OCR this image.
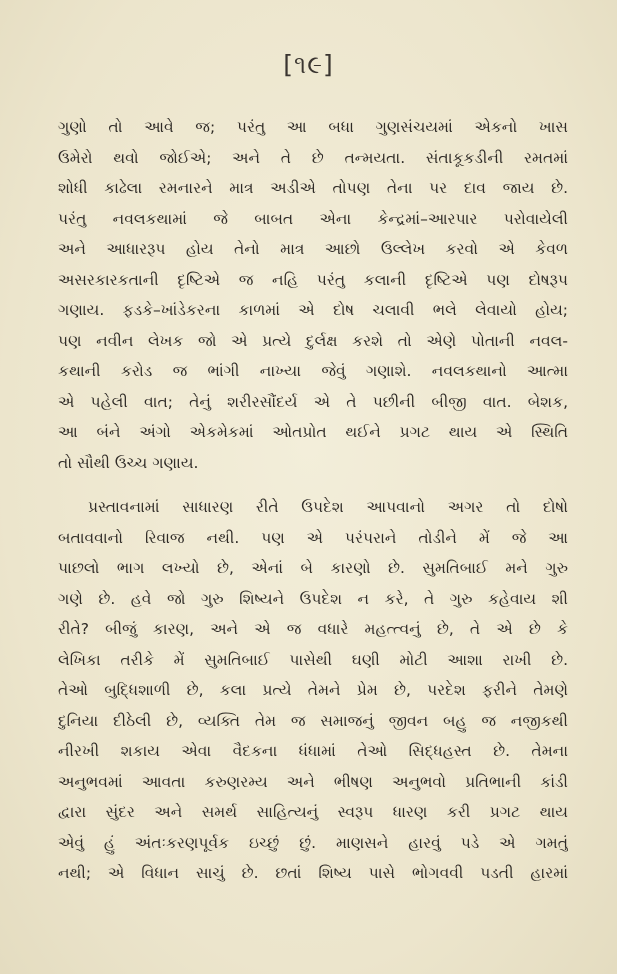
[૧૯]
ગુણો તો આવે જ; પરંતુ આ બધા ગુણસંચયમાં એકનો ખાસ
ઉમેરો થવો જોઈએ; અને તે છે તન્મયતા. સંતાકૂકડીની રમતમાં
શોધી કાઢેલા રમનારને માત્ર અડીએ તોપણ તેના પર દાવ જાય છે.
પરંતુ નવલકથામાં જે બાબત એના કેન્દ્રમાં–આરપાર પરોવાયેલી
અને આધારરૂપ હોય તેનો માત્ર આછો ઉલ્લેખ કરવો એ કેવળ
અસરકારકતાની દૃષ્ટિએ જ નહિ પરંતુ કલાની દૃષ્ટિએ પણ દોષરૂપ
ગણાય. ફડકે–ખાંડેકરના કાળમાં એ દોષ ચલાવી ભલે લેવાયો હોય;
પણ નવીન લેખક જો એ પ્રત્યે દુર્લક્ષ કરશે તો એણે પોતાની નવલ-
કથાની કરોડ જ ભાંગી નાખ્યા જેવું ગણાશે. નવલકથાનો આત્મા
એ પહેલી વાત; તેનું શરીરસૌંદર્ય એ તે પછીની બીજી વાત. બેશક,
આ બંને અંગો એકમેકમાં ઓતપ્રોત થઈને પ્રગટ થાય એ સ્થિતિ
તો સૌથી ઉચ્ચ ગણાય.
પ્રસ્તાવનામાં સાધારણ રીતે ઉપદેશ આપવાનો અગર તો દોષો
બતાવવાનો રિવાજ નથી. પણ એ પરંપરાને તોડીને મેં જે આ
પાછલો ભાગ લખ્યો છે, એનાં બે કારણો છે. સુમતિબાઈ મને ગુરુ
ગણે છે. હવે જો ગુરુ શિષ્યને ઉપદેશ ન કરે, તે ગુરુ કહેવાય શી
રીતે? બીજું કારણ, અને એ જ વધારે મહત્ત્વનું છે, તે એ છે કે
લેખિકા તરીકે મેં સુમતિબાઈ પાસેથી ઘણી મોટી આશા રાખી છે.
તેઓ બુદ્ધિશાળી છે, કલા પ્રત્યે તેમને પ્રેમ છે, પરદેશ ફરીને તેમણે
દુનિયા દીઠેલી છે, વ્યક્તિ તેમ જ સમાજનું જીવન બહુ જ નજીકથી
નીરખી શકાય એવા વૈદકના ધંધામાં તેઓ સિદ્ધહસ્ત છે. તેમના
અનુભવમાં આવતા કરુણરમ્ય અને ભીષણ અનુભવો પ્રતિભાની કાંડી
દ્વારા સુંદર અને સમર્થ સાહિત્યનું સ્વરૂપ ધારણ કરી પ્રગટ થાય
એવું હું અંતઃકરણપૂર્વક ઇચ્છું છું. માણસને હારવું પડે એ ગમતું
નથી; એ વિધાન સાચું છે. છતાં શિષ્ય પાસે ભોગવવી પડતી હારમાં
